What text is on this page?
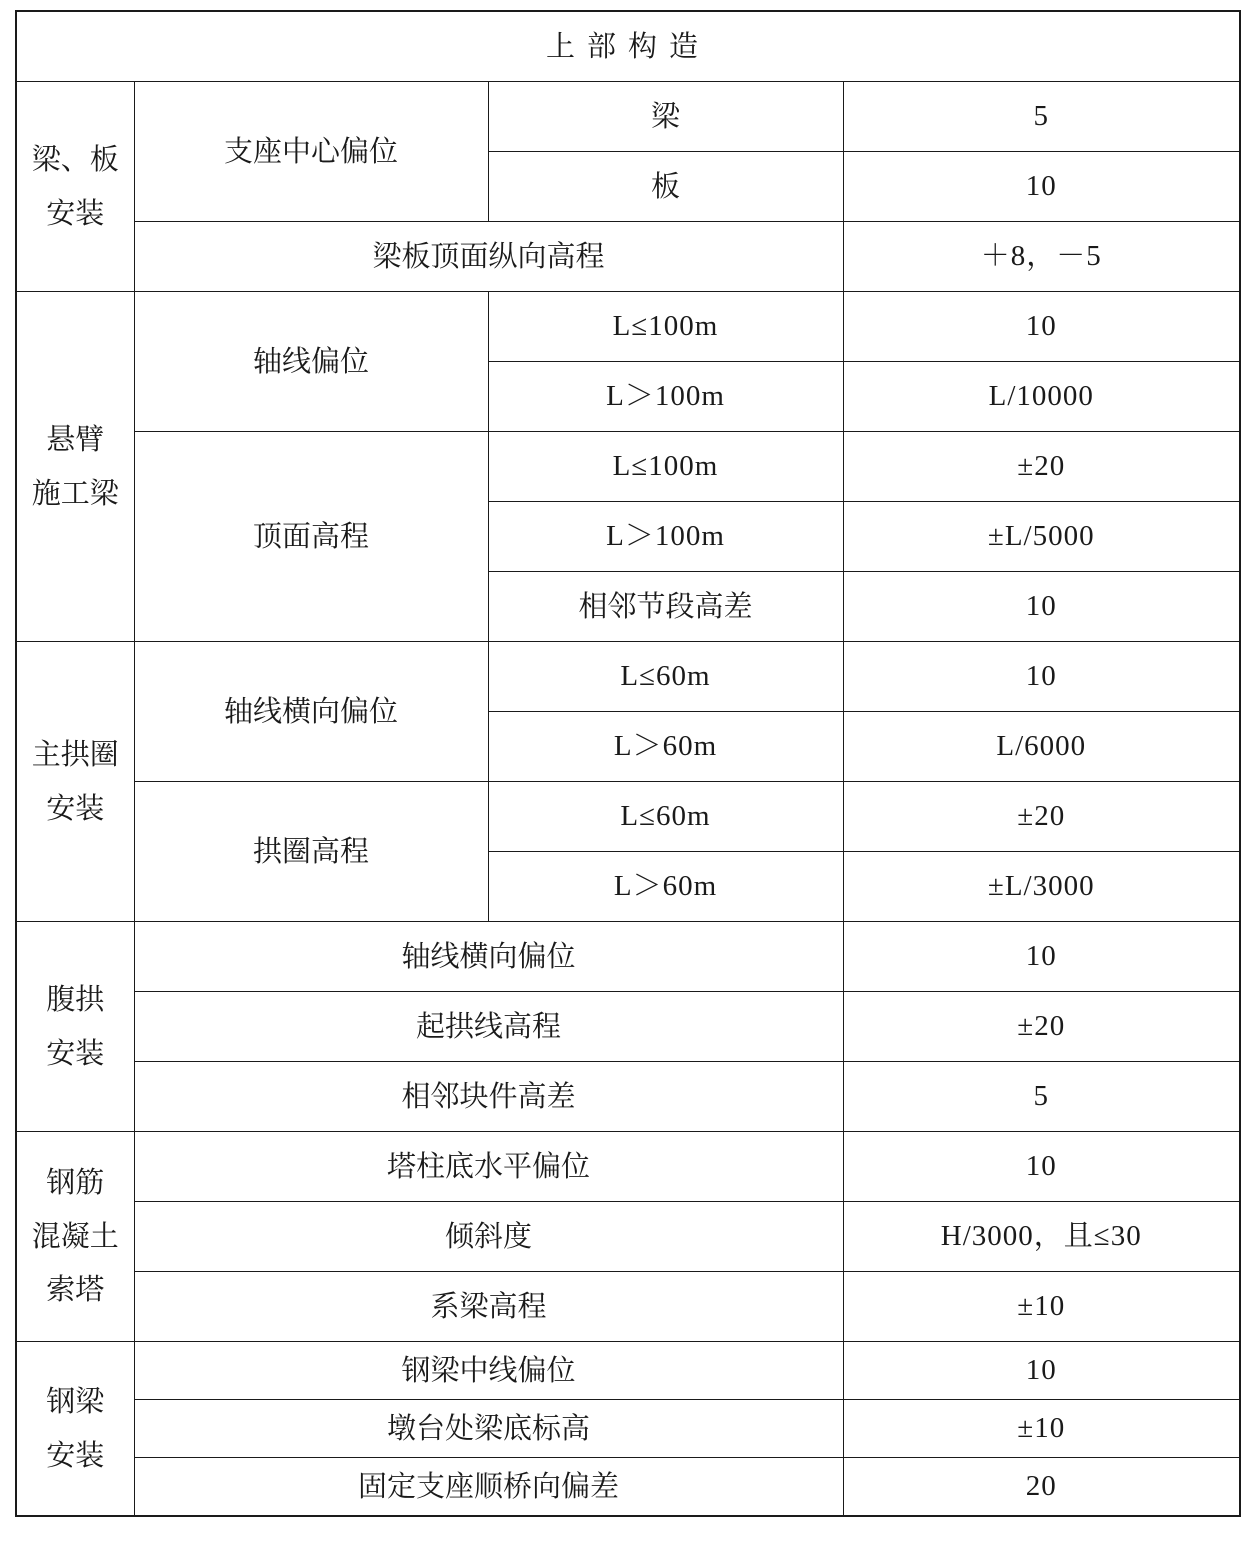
上部构造			
梁、板
安装	支座中心偏位	梁	5
		板	10
	梁板顶面纵向高程		＋8，－5
悬臂
施工梁	轴线偏位	L≤100m	10
		L＞100m	L/10000
	顶面高程	L≤100m	±20
		L＞100m	±L/5000
		相邻节段高差	10
主拱圈
安装	轴线横向偏位	L≤60m	10
		L＞60m	L/6000
	拱圈高程	L≤60m	±20
		L＞60m	±L/3000
腹拱
安装	轴线横向偏位		10
	起拱线高程		±20
	相邻块件高差		5
钢筋
混凝土
索塔	塔柱底水平偏位		10
	倾斜度		H/3000，且≤30
	系梁高程		±10
钢梁
安装	钢梁中线偏位		10
	墩台处梁底标高		±10
	固定支座顺桥向偏差		20
